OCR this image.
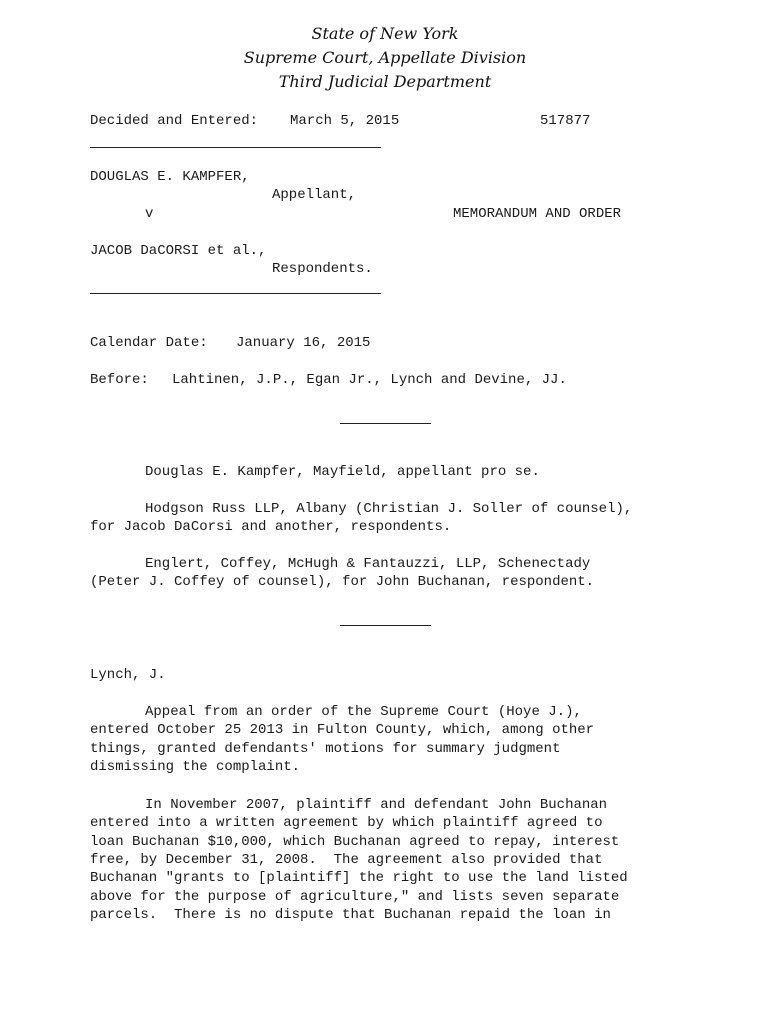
State of New York
Supreme Court, Appellate Division
Third Judicial Department
Decided and Entered: March 5, 2015	517877
DOUGLAS E. KAMPFER,
Appellant,
v	MEMORANDUM AND ORDER
JACOB DaCORSI et al.,
Respondents.
Calendar Date: January 16, 2015
Before: Lahtinen, J.P., Egan Jr., Lynch and Devine, JJ.
Douglas E. Kampfer, Mayfield, appellant pro se.
Hodgson Russ LLP, Albany (Christian J. Soller of counsel),
for Jacob DaCorsi and another, respondents.
Englert, Coffey, McHugh & Fantauzzi, LLP, Schenectady
(Peter J. Coffey of counsel), for John Buchanan, respondent.
Lynch, J.
Appeal from an order of the Supreme Court (Hoye J.),
entered October 25 2013 in Fulton County, which, among other
things, granted defendants' motions for summary judgment
dismissing the complaint.
In November 2007, plaintiff and defendant John Buchanan
entered into a written agreement by which plaintiff agreed to
loan Buchanan $10,000, which Buchanan agreed to repay, interest
free, by December 31, 2008.  The agreement also provided that
Buchanan "grants to [plaintiff] the right to use the land listed
above for the purpose of agriculture," and lists seven separate
parcels.  There is no dispute that Buchanan repaid the loan in
